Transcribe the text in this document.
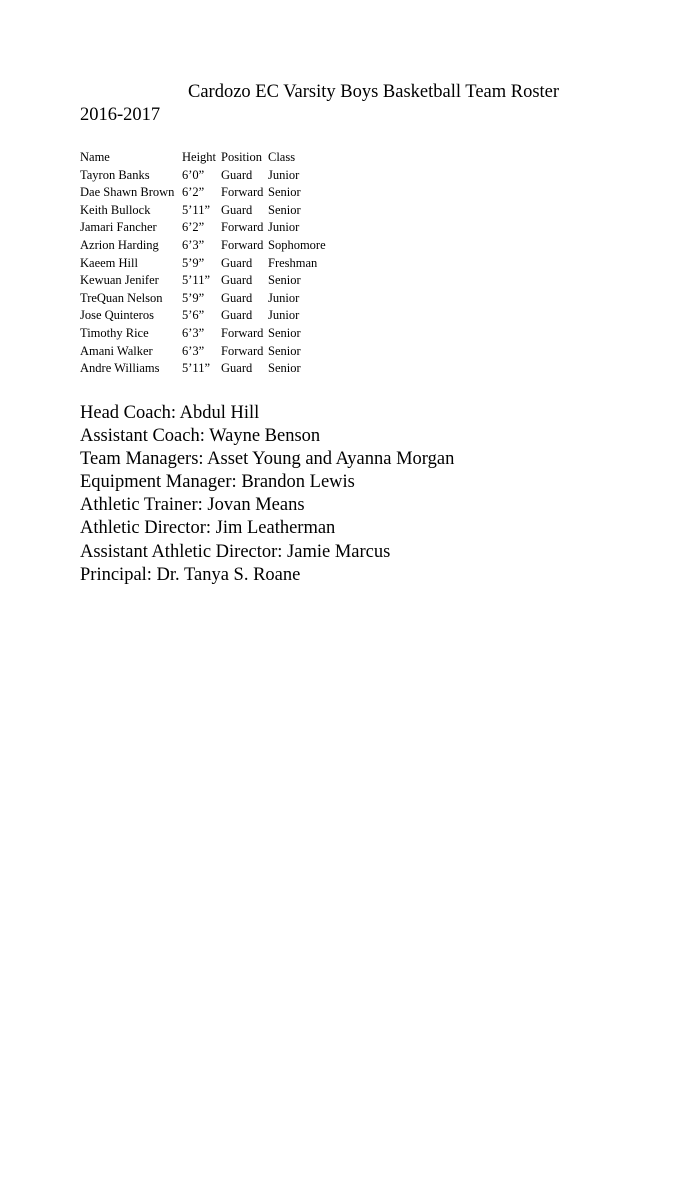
Cardozo EC Varsity Boys Basketball Team Roster
2016-2017
Name	Height Position Class
Tayron Banks	6’0” Guard Junior
Dae Shawn Brown 6’2” Forward Senior
Keith Bullock	5’11” Guard Senior
Jamari Fancher 6’2” Forward Junior
Azrion Harding 6’3” Forward Sophomore
Kaeem Hill	5’9” Guard Freshman
Kewuan Jenifer 5’11” Guard Senior
TreQuan Nelson 5’9” Guard Junior
Jose Quinteros 5’6” Guard Junior
Timothy Rice	6’3” Forward Senior
Amani Walker 6’3” Forward Senior
Andre Williams 5’11” Guard Senior
Head Coach: Abdul Hill
Assistant Coach: Wayne Benson
Team Managers: Asset Young and Ayanna Morgan
Equipment Manager: Brandon Lewis
Athletic Trainer: Jovan Means
Athletic Director: Jim Leatherman
Assistant Athletic Director: Jamie Marcus
Principal: Dr. Tanya S. Roane
